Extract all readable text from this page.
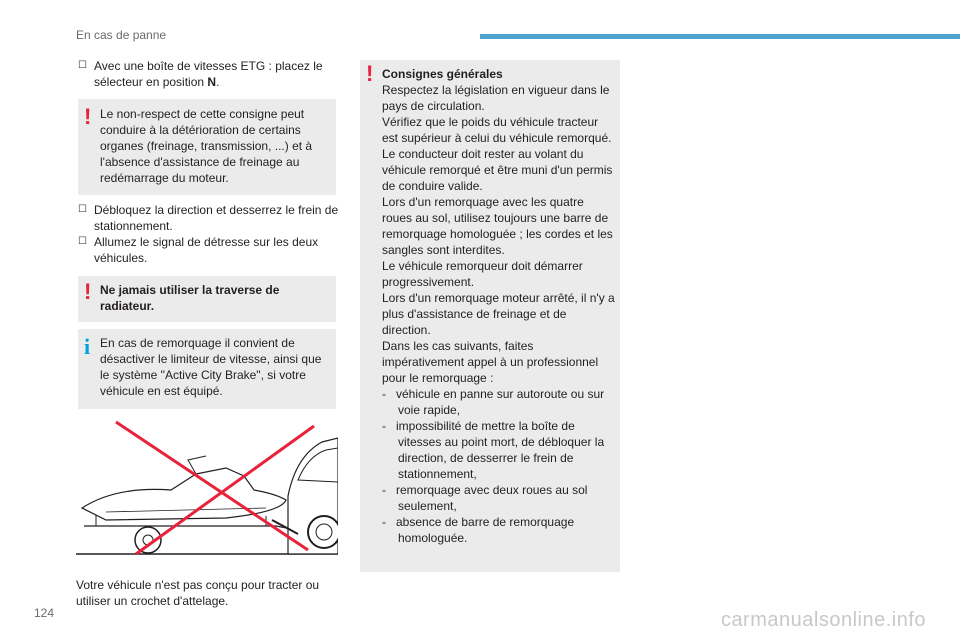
En cas de panne
☐ Avec une boîte de vitesses ETG : placez le sélecteur en position N.
! Le non-respect de cette consigne peut conduire à la détérioration de certains organes (freinage, transmission, ...) et à l'absence d'assistance de freinage au redémarrage du moteur.
☐ Débloquez la direction et desserrez le frein de stationnement.
☐ Allumez le signal de détresse sur les deux véhicules.
! Ne jamais utiliser la traverse de radiateur.
i En cas de remorquage il convient de désactiver le limiteur de vitesse, ainsi que le système "Active City Brake", si votre véhicule en est équipé.
Votre véhicule n'est pas conçu pour tracter ou utiliser un crochet d'attelage.
! Consignes générales
Respectez la législation en vigueur dans le pays de circulation.
Vérifiez que le poids du véhicule tracteur est supérieur à celui du véhicule remorqué.
Le conducteur doit rester au volant du véhicule remorqué et être muni d'un permis de conduire valide.
Lors d'un remorquage avec les quatre roues au sol, utilisez toujours une barre de remorquage homologuée ; les cordes et les sangles sont interdites.
Le véhicule remorqueur doit démarrer progressivement.
Lors d'un remorquage moteur arrêté, il n'y a plus d'assistance de freinage et de direction.
Dans les cas suivants, faites impérativement appel à un professionnel pour le remorquage :
-   véhicule en panne sur autoroute ou sur voie rapide,
-   impossibilité de mettre la boîte de vitesses au point mort, de débloquer la direction, de desserrer le frein de stationnement,
-   remorquage avec deux roues au sol seulement,
-   absence de barre de remorquage homologuée.
124	carmanualsonline.info
